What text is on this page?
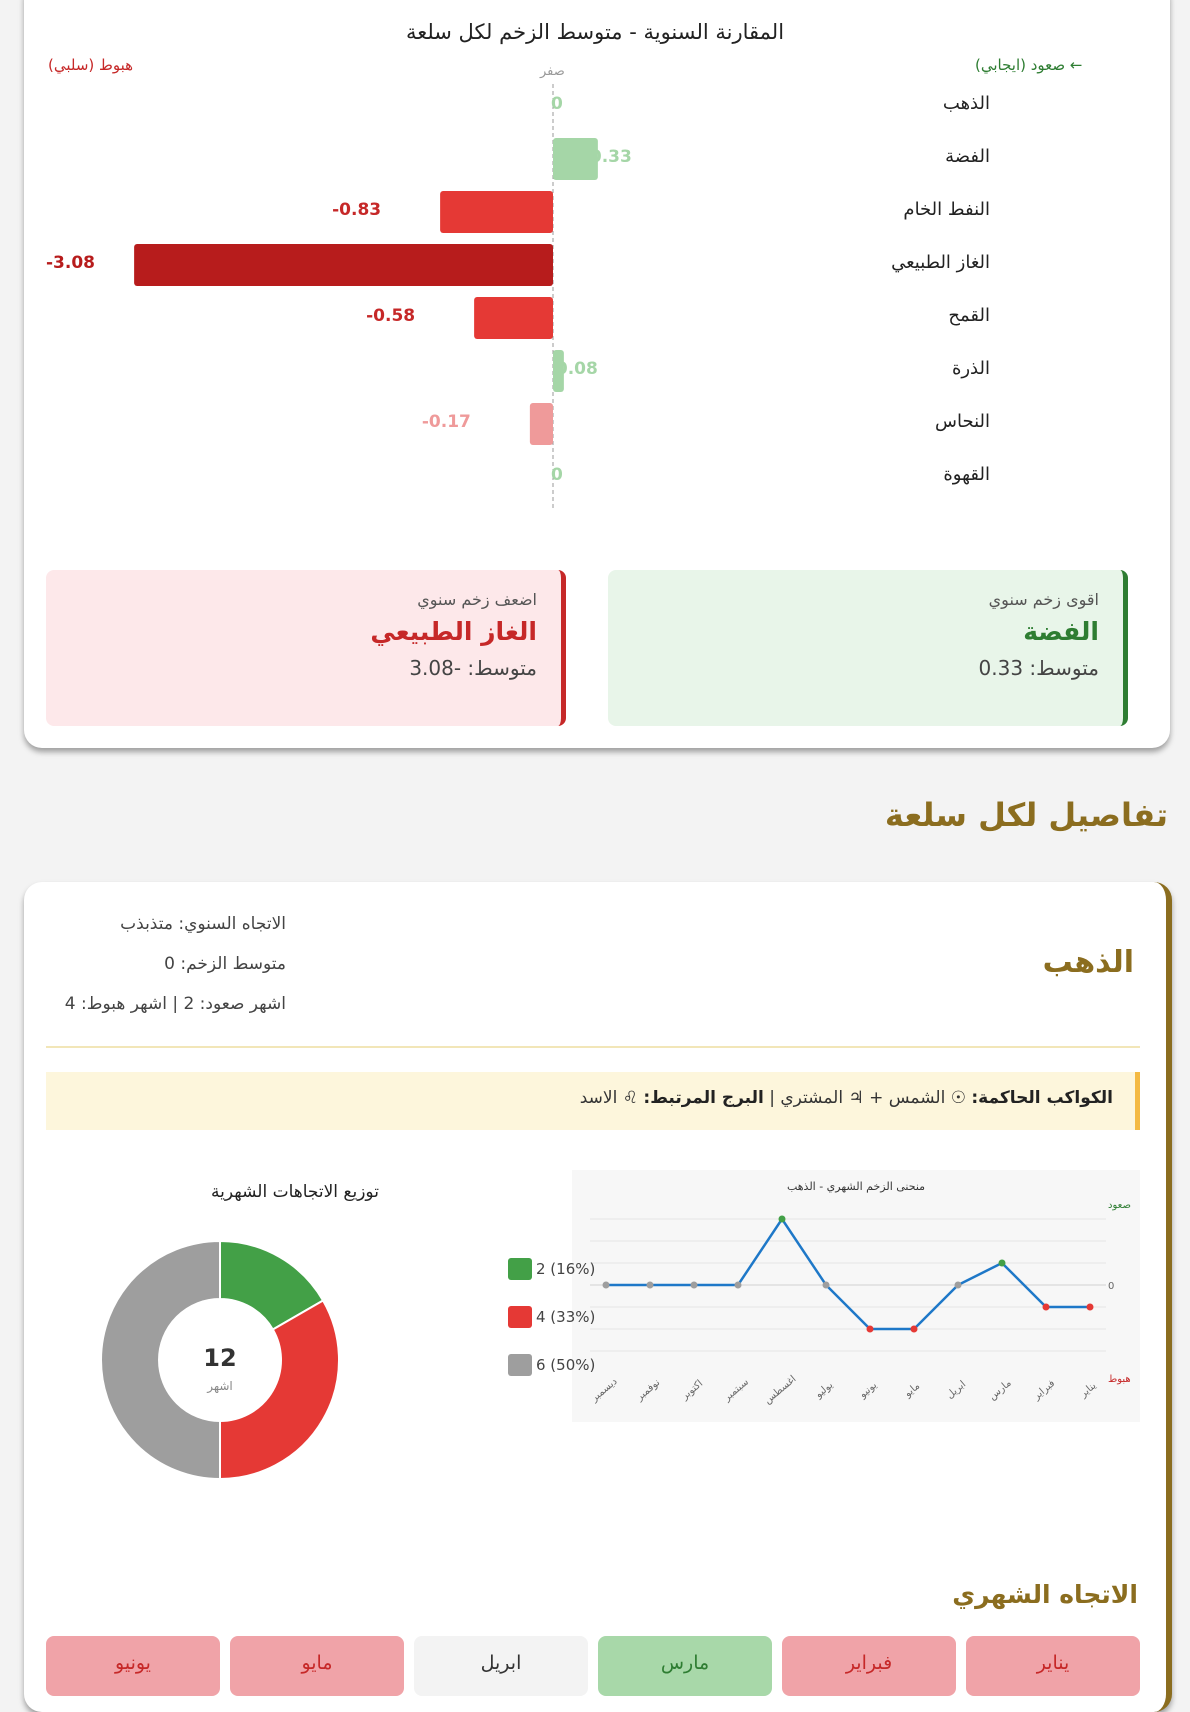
المقارنة السنوية - متوسط الزخم لكل سلعة
← صعود (ايجابي)
هبوط (سلبي)	صفر
الذهب
الفضة
النفط الخام
الغاز الطبيعي
القمح
الذرة
النحاس
القهوة
0
0.33
-0.83
-3.08
-0.58
0.08
-0.17
0
اقوى زخم سنوي
الفضة
متوسط: 0.33
اضعف زخم سنوي
الغاز الطبيعي
متوسط: -3.08
تفاصيل لكل سلعة
الذهب
الاتجاه السنوي: متذبذب
متوسط الزخم: 0
اشهر صعود: 2 | اشهر هبوط: 4
الكواكب الحاكمة: ☉ الشمس + ♃ المشتري | البرج المرتبط: ♌ الاسد
يناير
فبراير
مارس
ابريل
مايو
يونيو
يوليو
اغسطس
سبتمبر
اكتوبر
نوفمبر
ديسمبر
منحنى الزخم الشهري - الذهب
صعود
هبوط
0
توزيع الاتجاهات الشهرية
12
اشهر
2 (16%)
4 (33%)
6 (50%)
الاتجاه الشهري
يناير
فبراير
مارس
ابريل
مايو
يونيو
